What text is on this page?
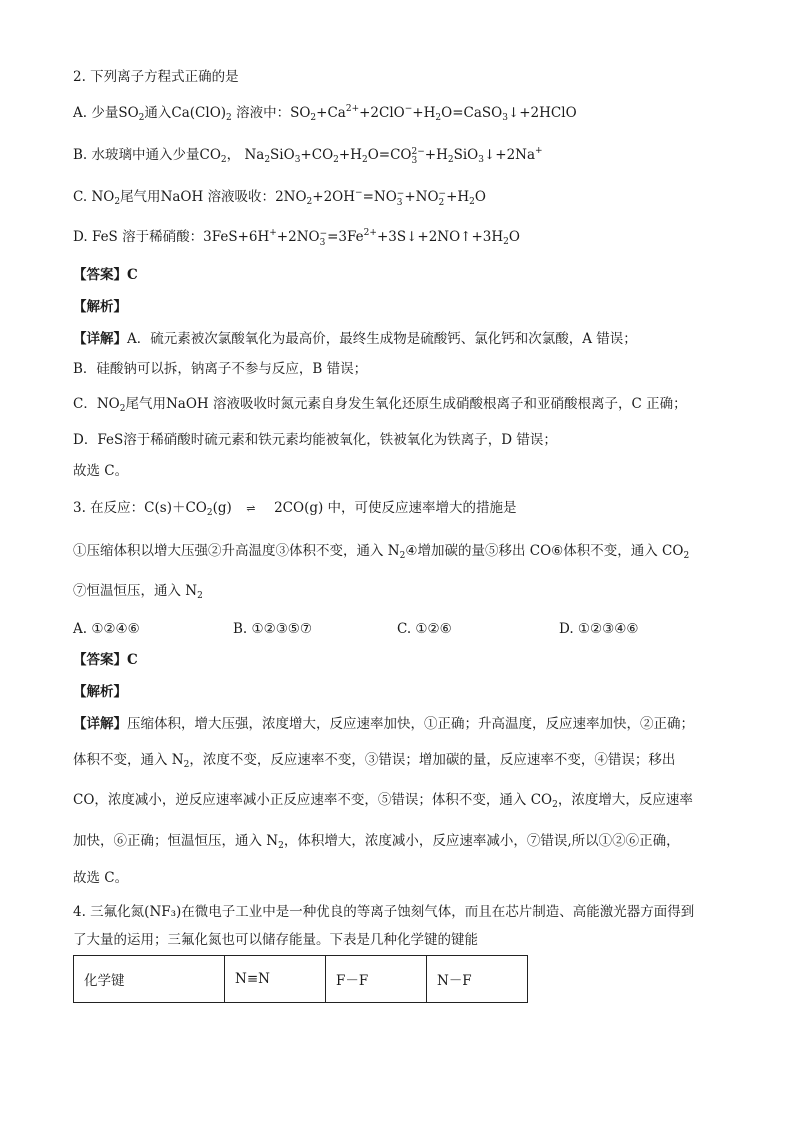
2. 下列离子方程式正确的是
A. 少量$SO_2$通入$Ca(ClO)_2$ 溶液中：$SO_2+Ca^{2+}+2ClO^-+H_2O=CaSO_3↓+2HClO$
B. 水玻璃中通入少量$CO_2$， $Na_2SiO_3+CO_2+H_2O=CO$ 2−
$3 +H_2SiO_3↓+2Na^+$
C. $NO_2$尾气用NaOH 溶液吸收：$2NO_2+2OH^-=NO$ −
3 +NO −
$2 +H_2O$
D. FeS 溶于稀硝酸：3FeS+6H++2NO −
$3 =3Fe^{2+}+3S↓+2NO↑+3H_2O$
【答案】C
【解析】
【详解】A．硫元素被次氯酸氧化为最高价，最终生成物是硫酸钙、氯化钙和次氯酸，A 错误；
B．硅酸钠可以拆，钠离子不参与反应，B 错误；
C．$NO_2$尾气用NaOH 溶液吸收时氮元素自身发生氧化还原生成硝酸根离子和亚硝酸根离子，C 正确；
D．FeS溶于稀硝酸时硫元素和铁元素均能被氧化，铁被氧化为铁离子，D 错误；
故选 C。
3. 在反应：$C(s)+CO_2(g)$ ⇌ 2CO(g) 中，可使反应速率增大的措施是
①压缩体积以增大压强②升高温度③体积不变，通入 $N_2④$增加碳的量⑤移出 CO⑥体积不变，通入 $CO_2$
⑦恒温恒压，通入 $N_2$
A. ①②④⑥	B. ①②③⑤⑦	C. ①②⑥	D. ①②③④⑥
【答案】C
【解析】
【详解】压缩体积，增大压强，浓度增大，反应速率加快，①正确；升高温度，反应速率加快，②正确；
体积不变，通入 $N_2$，浓度不变，反应速率不变，③错误；增加碳的量，反应速率不变，④错误；移出
CO，浓度减小，逆反应速率减小正反应速率不变，⑤错误；体积不变，通入 $CO_2$，浓度增大，反应速率
加快，⑥正确；恒温恒压，通入 $N_2$，体积增大，浓度减小，反应速率减小，⑦错误,所以①②⑥正确，
故选 C。
4. 三氟化氮(NF₃)在微电子工业中是一种优良的等离子蚀刻气体，而且在芯片制造、高能激光器方面得到
了大量的运用；三氟化氮也可以储存能量。下表是几种化学键的键能
化学键	N≡N	F－F	N－F
